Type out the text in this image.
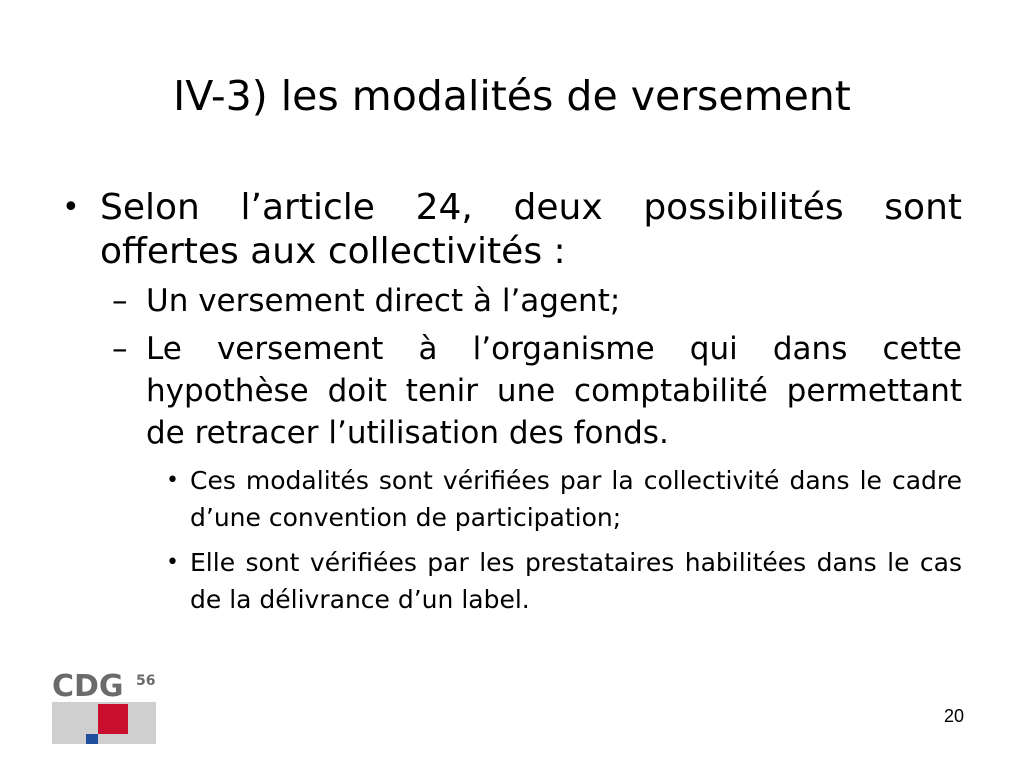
IV-3) les modalités de versement
• Selon l’article 24, deux possibilités sont offertes aux collectivités :
– Un versement direct à l’agent;
– Le versement à l’organisme qui dans cette hypothèse doit tenir une comptabilité permettant de retracer l’utilisation des fonds.
• Ces modalités sont vérifiées par la collectivité dans le cadre d’une convention de participation;
• Elle sont vérifiées par les prestataires habilitées dans le cas de la délivrance d’un label.
CDG 56
20
